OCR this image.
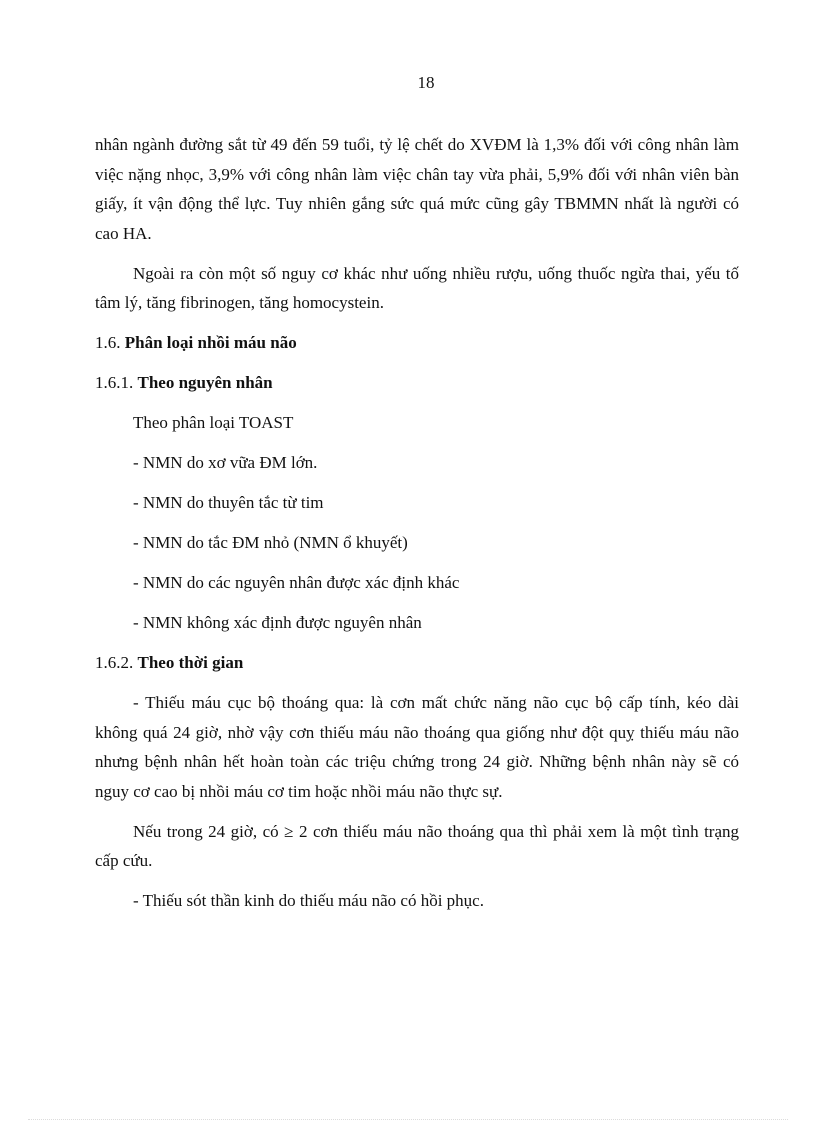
18

nhân ngành đường sắt từ 49 đến 59 tuổi, tỷ lệ chết do XVĐM là 1,3% đối với công nhân làm việc nặng nhọc, 3,9% với công nhân làm việc chân tay vừa phải, 5,9% đối với nhân viên bàn giấy, ít vận động thể lực. Tuy nhiên gắng sức quá mức cũng gây TBMMN nhất là người có cao HA.

Ngoài ra còn một số nguy cơ khác như uống nhiều rượu, uống thuốc ngừa thai, yếu tố tâm lý, tăng fibrinogen, tăng homocystein.

1.6. Phân loại nhồi máu não
1.6.1. Theo nguyên nhân
Theo phân loại TOAST
- NMN do xơ vữa ĐM lớn.
- NMN do thuyên tắc từ tim
- NMN do tắc ĐM nhỏ (NMN ổ khuyết)
- NMN do các nguyên nhân được xác định khác
- NMN không xác định được nguyên nhân
1.6.2. Theo thời gian

- Thiếu máu cục bộ thoáng qua: là cơn mất chức năng não cục bộ cấp tính, kéo dài không quá 24 giờ, nhờ vậy cơn thiếu máu não thoáng qua giống như đột quỵ thiếu máu não nhưng bệnh nhân hết hoàn toàn các triệu chứng trong 24 giờ. Những bệnh nhân này sẽ có nguy cơ cao bị nhồi máu cơ tim hoặc nhồi máu não thực sự.

Nếu trong 24 giờ, có ≥ 2 cơn thiếu máu não thoáng qua thì phải xem là một tình trạng cấp cứu.

- Thiếu sót thần kinh do thiếu máu não có hồi phục.
